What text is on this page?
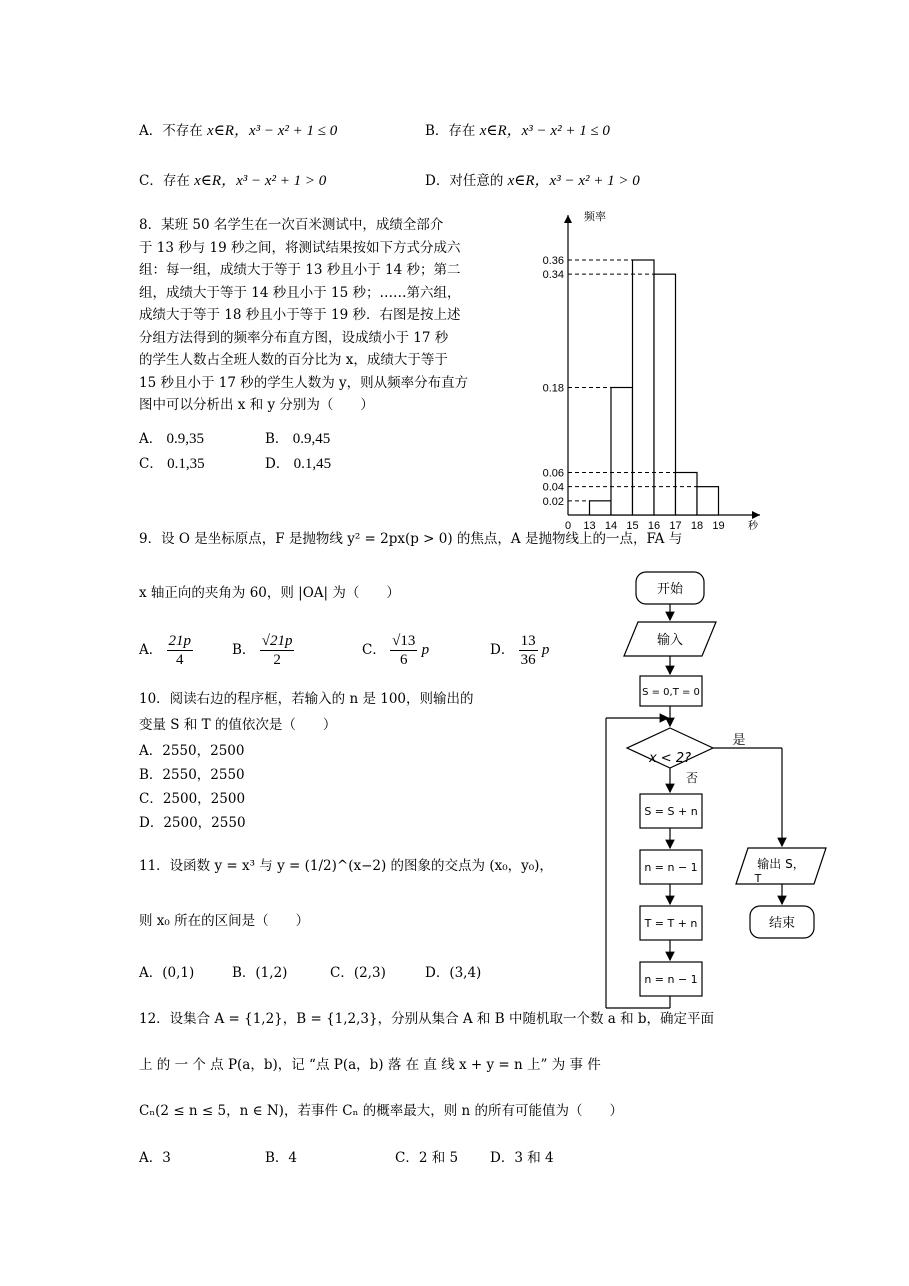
A．不存在 x∈R，x³ − x² + 1 ≤ 0	B．存在 x∈R，x³ − x² + 1 ≤ 0
C．存在 x∈R，x³ − x² + 1 > 0	D．对任意的 x∈R，x³ − x² + 1 > 0
8．某班 50 名学生在一次百米测试中，成绩全部介
于 13 秒与 19 秒之间，将测试结果按如下方式分成六
组：每一组，成绩大于等于 13 秒且小于 14 秒；第二
组，成绩大于等于 14 秒且小于 15 秒；……第六组，
成绩大于等于 18 秒且小于等于 19 秒．右图是按上述
分组方法得到的频率分布直方图，设成绩小于 17 秒
的学生人数占全班人数的百分比为 x，成绩大于等于
15 秒且小于 17 秒的学生人数为 y，则从频率分布直方
图中可以分析出 x 和 y 分别为（　　）
A． 0.9,35	B． 0.9,45
C． 0.1,35	D． 0.1,45
频率
秒
0.36
0.34
0.18
0.06
0.04
0.02
0 13 14 15 16 17 18 19
9．设 O 是坐标原点，F 是抛物线 y² = 2px(p > 0) 的焦点，A 是抛物线上的一点，FA 与
x 轴正向的夹角为 60，则 |OA| 为（　　）
A． $\frac{21p}{4}$	B． $\frac{√21p}{2}$	C． $\frac{√13}{6}$ p	D． $\frac{13}{36}$ p
10．阅读右边的程序框，若输入的 n 是 100，则输出的
变量 S 和 T 的值依次是（　　）
A．2550，2500
B．2550，2550
C．2500，2500
D．2500，2550
开始
输入
S = 0,T = 0
x < 2?
是
否
S = S + n
n = n − 1
T = T + n
n = n − 1
输出 S，
T
结束
11．设函数 y = x³ 与 y = (1/2)^(x−2) 的图象的交点为 (x₀，y₀)，
则 x₀ 所在的区间是（　　）
A．(0,1)	B．(1,2)	C．(2,3)	D．(3,4)
12．设集合 A = {1,2}，B = {1,2,3}，分别从集合 A 和 B 中随机取一个数 a 和 b，确定平面
上 的 一 个 点 P(a，b)，记 “点 P(a，b) 落 在 直 线 x + y = n 上” 为 事 件
Cₙ(2 ≤ n ≤ 5，n ∈ N)，若事件 Cₙ 的概率最大，则 n 的所有可能值为（　　）
A．3	B．4	C．2 和 5 D．3 和 4
